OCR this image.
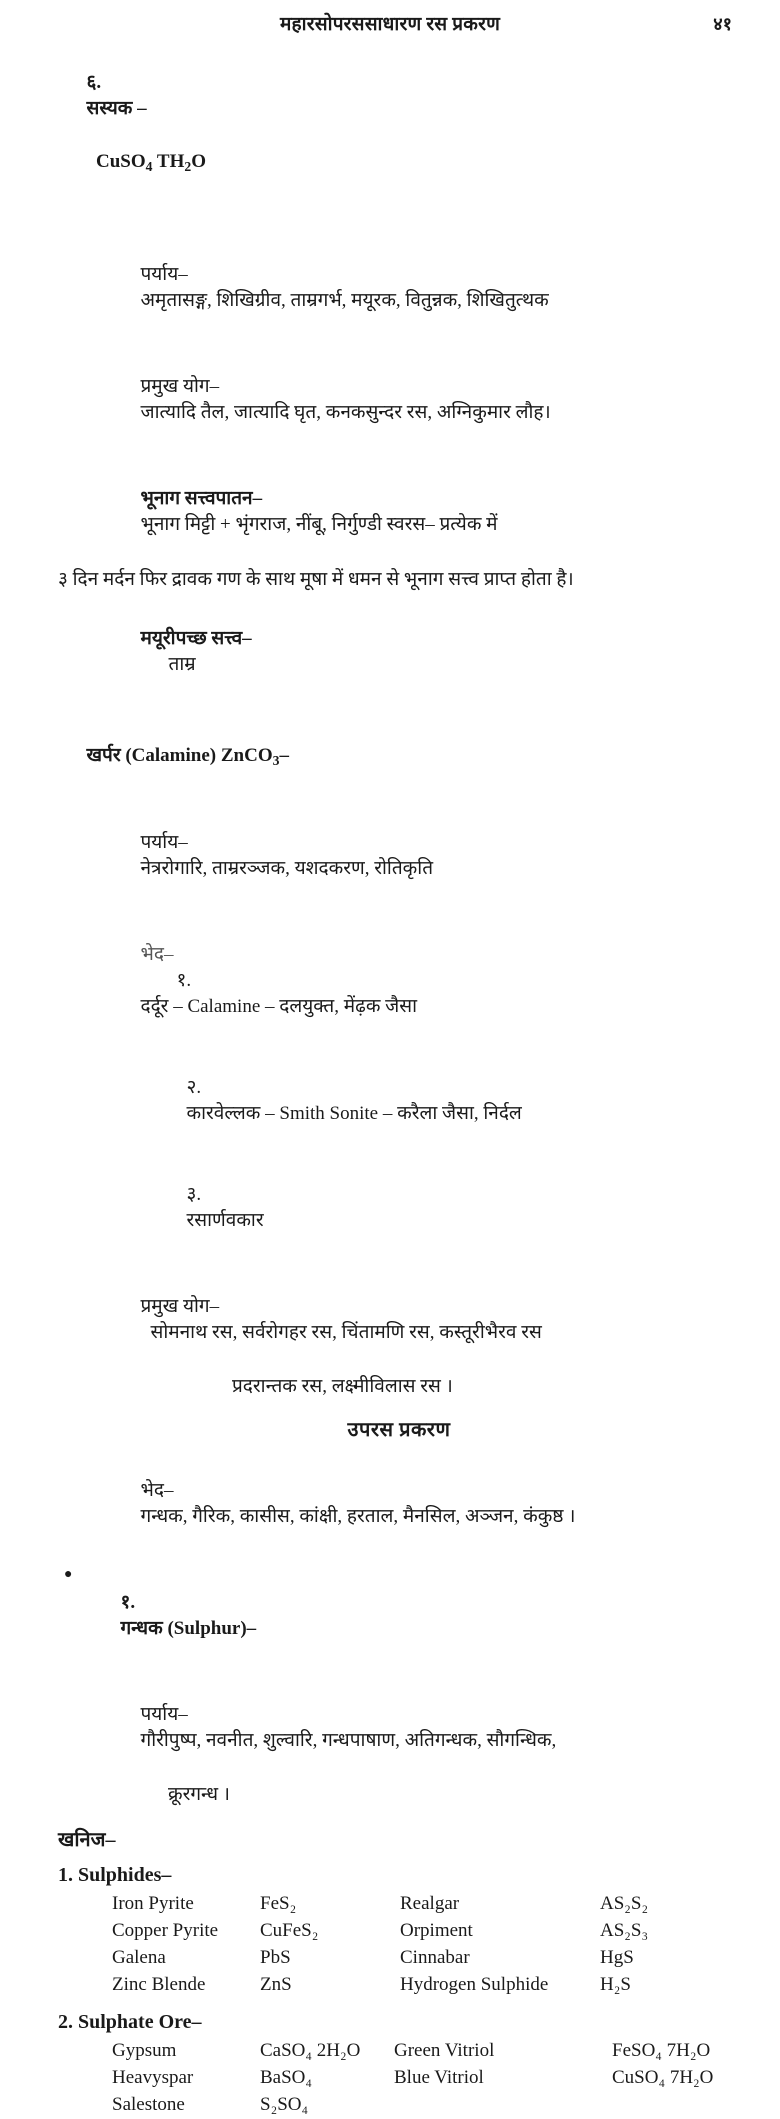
महारसोपरससाधारण रस प्रकरण	४१

६.
सस्यक –

CuSO$_4$ $TH_2O$

पर्याय–
अमृतासङ्ग, शिखिग्रीव, ताम्रगर्भ, मयूरक, वितुन्नक, शिखितुत्थक

प्रमुख योग–
जात्यादि तैल, जात्यादि घृत, कनकसुन्दर रस, अग्निकुमार लौह।

भूनाग सत्त्वपातन–
भूनाग मिट्टी + भृंगराज, नींबू, निर्गुण्डी स्वरस– प्रत्येक में

३ दिन मर्दन फिर द्रावक गण के साथ मूषा में धमन से भूनाग सत्त्व प्राप्त होता है।

मयूरीपच्छ सत्त्व–
ताम्र

खर्पर (Calamine) ZnCO$_3$–

पर्याय–
नेत्ररोगारि, ताम्ररञ्जक, यशदकरण, रोतिकृति

भेद–
१.
दर्दूर – Calamine – दलयुक्त, मेंढ़क जैसा

२.
कारवेल्लक – Smith Sonite – करैला जैसा, निर्दल

३.
रसार्णवकार

प्रमुख योग–
सोमनाथ रस, सर्वरोगहर रस, चिंतामणि रस, कस्तूरीभैरव रस

प्रदरान्तक रस, लक्ष्मीविलास रस ।
उपरस प्रकरण

भेद–
गन्धक, गैरिक, कासीस, कांक्षी, हरताल, मैनसिल, अञ्जन, कंकुष्ठ ।

●

१.
गन्धक (Sulphur)–

पर्याय–
गौरीपुष्प, नवनीत, शुल्वारि, गन्धपाषाण, अतिगन्धक, सौगन्धिक,

क्रूरगन्ध ।
खनिज–
1. Sulphides–
Iron Pyrite	FeS₂	Realgar	AS₂S₂
Copper Pyrite	CuFeS₂	Orpiment	AS₂S₃
Galena	PbS	Cinnabar	HgS
Zinc Blende	ZnS	Hydrogen Sulphide	H₂S
2. Sulphate Ore–
Gypsum	CaSO₄ 2H₂O	Green Vitriol	FeSO₄ 7H₂O
Heavyspar	BaSO₄	Blue Vitriol	CuSO₄ 7H₂O
Salestone	S₂SO₄		
